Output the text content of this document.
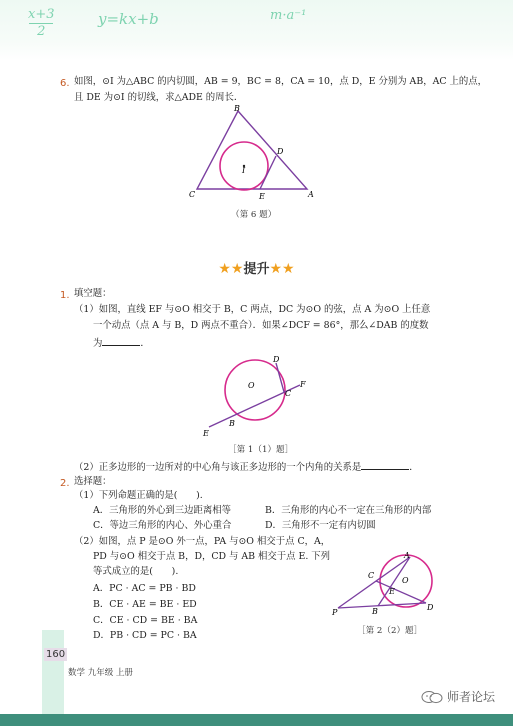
x+3
2
y=kx+b	m·a⁻¹
6. 如图，⊙I 为△ABC 的内切圆，AB = 9，BC = 8，CA = 10，点 D，E 分别为 AB，AC 上的点，
且 DE 为⊙I 的切线，求△ADE 的周长．
B
D
I
C	E	A
（第 6 题）
★★提升★★
1. 填空题：
（1）如图，直线 EF 与⊙O 相交于 B，C 两点，DC 为⊙O 的弦，点 A 为⊙O 上任意
一个动点（点 A 与 B，D 两点不重合）．如果∠DCF = 86°，那么∠DAB 的度数
为	．
D
O
C
F
B
E
［第 1（1）题］
（2）正多边形的一边所对的中心角与该正多边形的一个内角的关系是	．
2. 选择题：
（1）下列命题正确的是(　　).
A．三角形的外心到三边距离相等	B．三角形的内心不一定在三角形的内部
C．等边三角形的内心、外心重合	D．三角形不一定有内切圆
（2）如图，点 P 是⊙O 外一点，PA 与⊙O 相交于点 C，A，
PD 与⊙O 相交于点 B，D，CD 与 AB 相交于点 E. 下列
等式成立的是(　　).
A．PC · AC = PB · BD
B．CE · AE = BE · ED
C．CE · CD = BE · BA
D．PB · CD = PC · BA
A
C
O
E
P	B	D
［第 2（2）题］
160
数学 九年级 上册
师者论坛
